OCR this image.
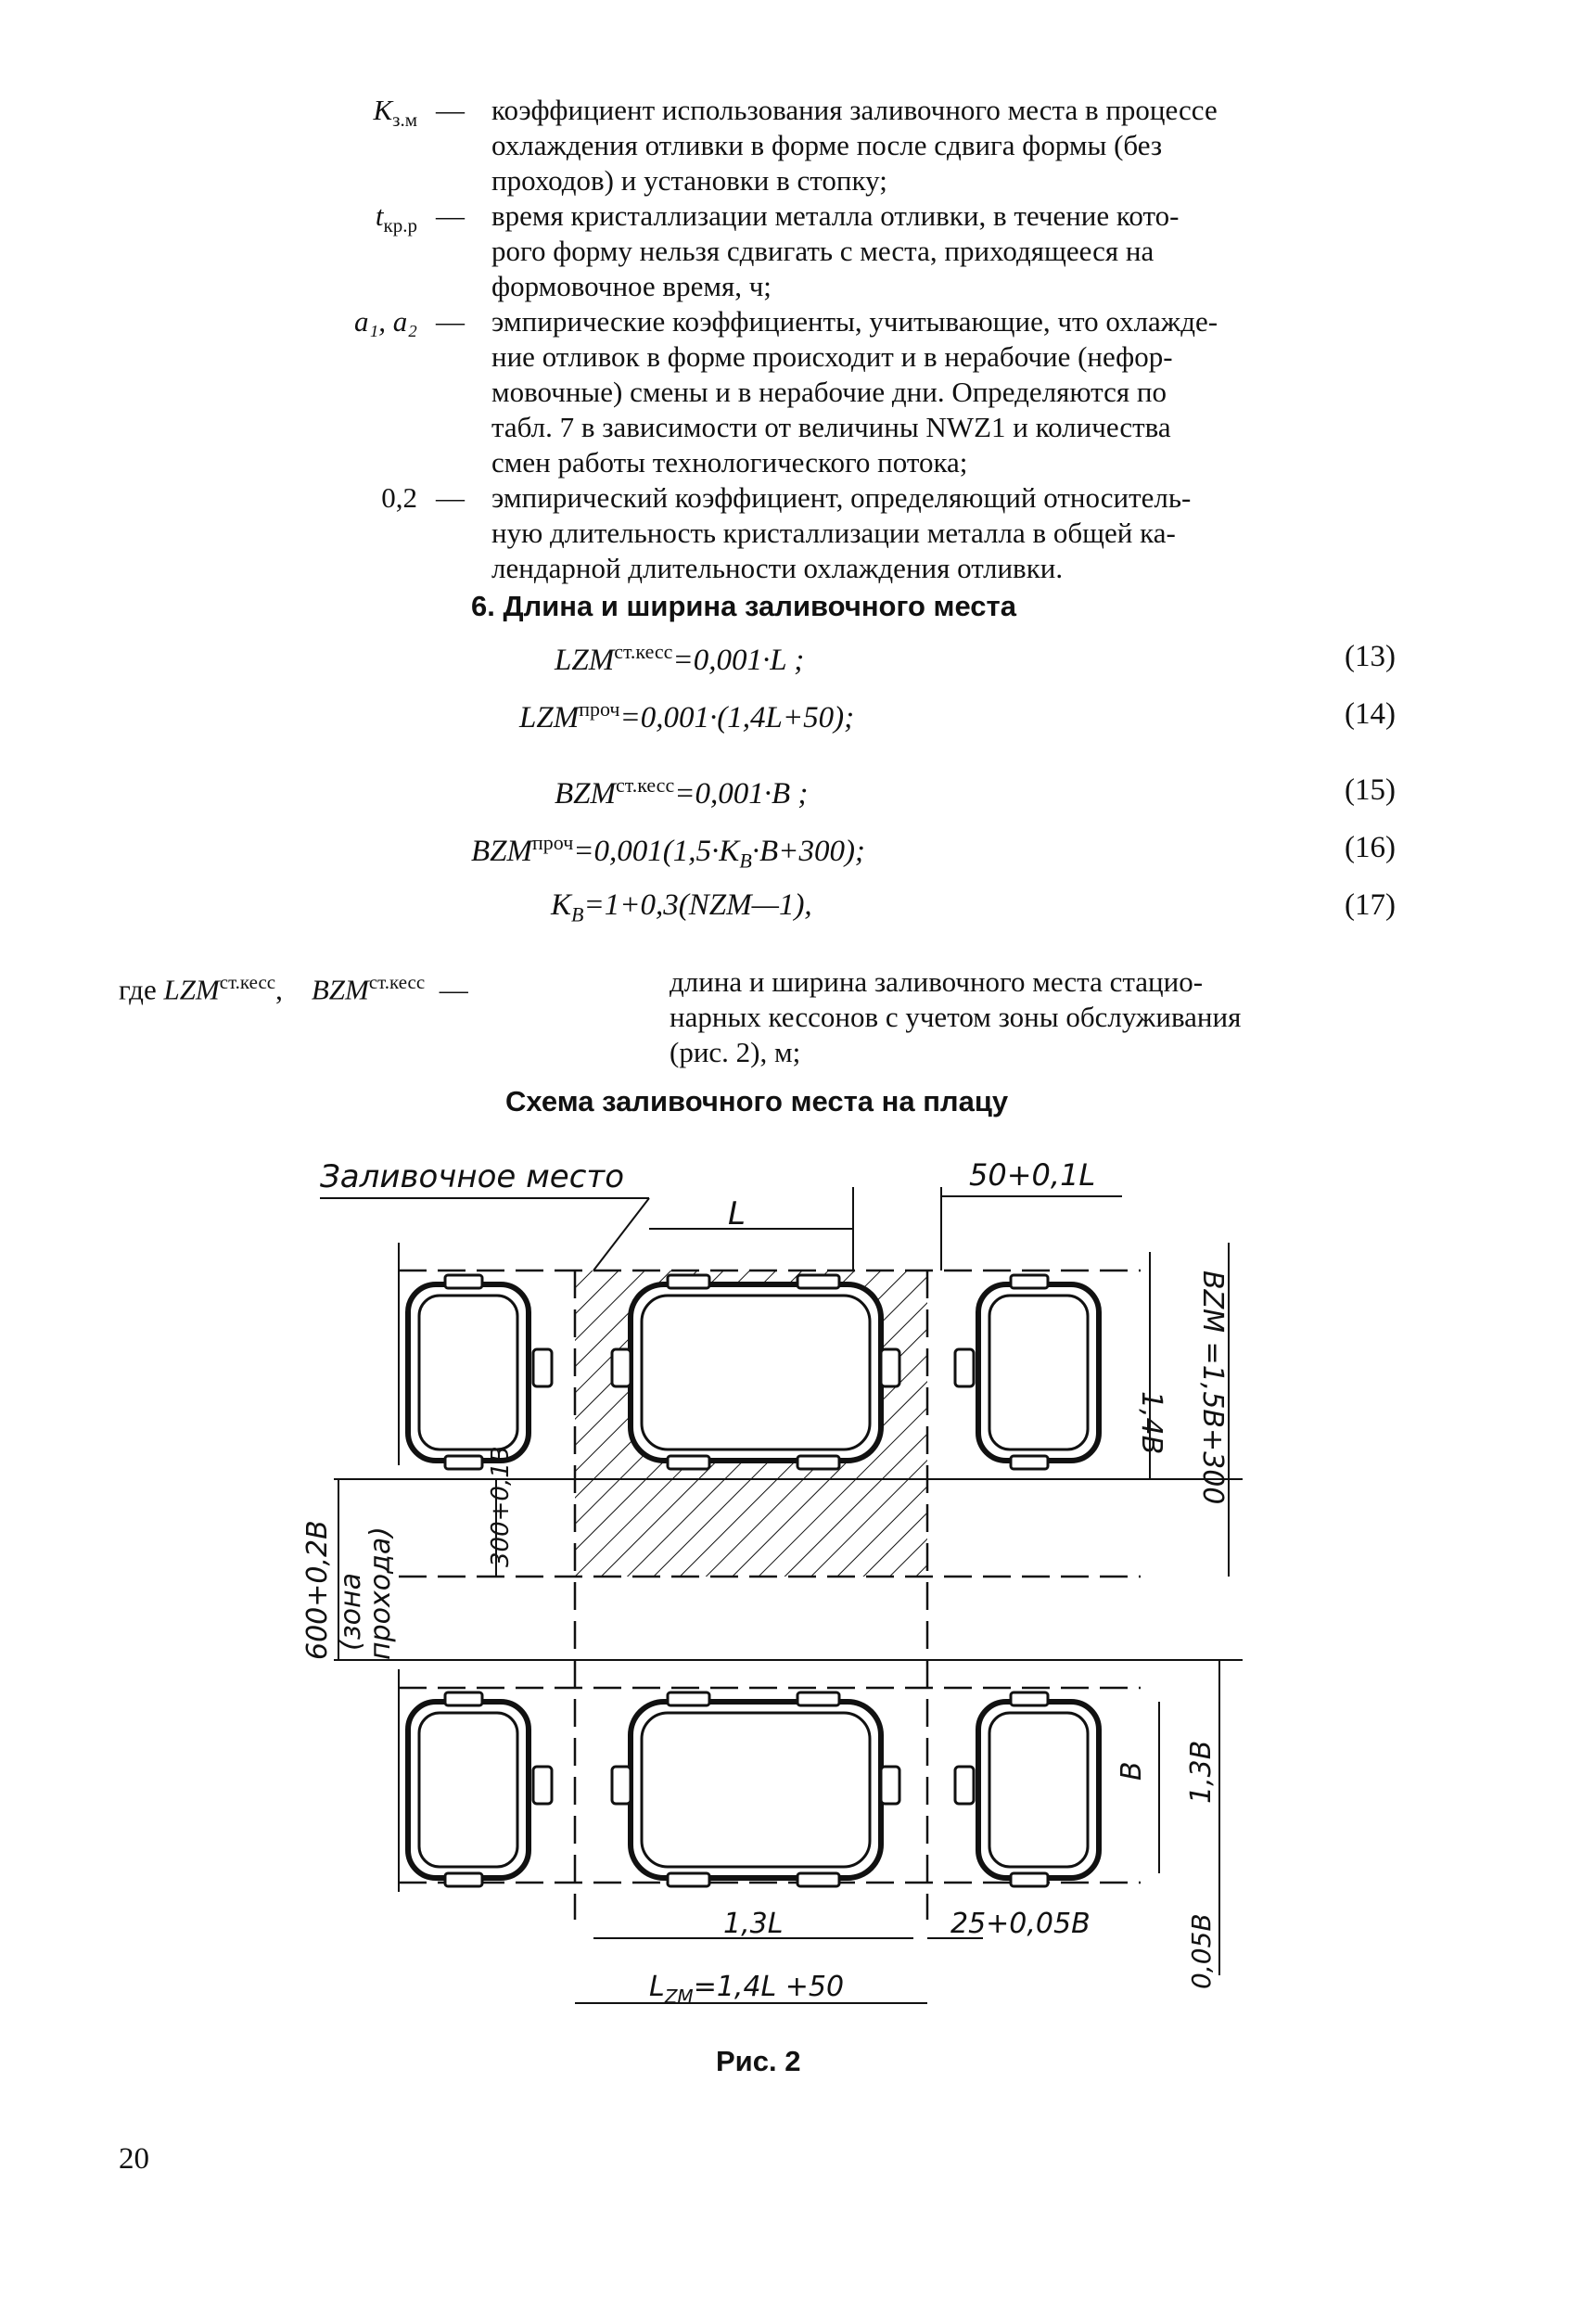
$K_{з.м}$ — коэффициент использования заливочного места в процессе
охлаждения отливки в форме после сдвига формы (без
проходов) и установки в стопку;
$t_{кр.р}$ — время кристаллизации металла отливки, в течение кото-
рого форму нельзя сдвигать с места, приходящееся на
формовочное время, ч;
a₁, a₂ — эмпирические коэффициенты, учитывающие, что охлажде-
ние отливок в форме происходит и в нерабочие (нефор-
мовочные) смены и в нерабочие дни. Определяются по
табл. 7 в зависимости от величины NWZ1 и количества
смен работы технологического потока;
0,2 — эмпирический коэффициент, определяющий относитель-
ную длительность кристаллизации металла в общей ка-
лендарной длительности охлаждения отливки.
6. Длина и ширина заливочного места
$LZM^{ст.кесс}=0,001\cdot L$ ;	(13)
$LZM^{проч}=0,001\cdot(1,4L+50)$;	(14)
$BZM^{ст.кесс}=0,001\cdot B$ ;	(15)
$BZM^{проч}=0,001(1,5\cdot K_B\cdot B+300)$;	(16)
$K_B=1+0,3(NZM—1)$,	(17)
где $LZM^{ст.кесс}$, $BZM^{ст.кесс}$ —	длина и ширина заливочного места стацио-
нарных кессонов с учетом зоны обслуживания
(рис. 2), м;
Схема заливочного места на плацу
Заливочное место
L
50+0,1L
1,4B BZM =1,5B+300
300+0,1B
600+0,2B (зона
прохода)
B 1,3B
1,3L	25+0,05B
$L_{ZM}=1,4L +50$	0,05B
Рис. 2
20
